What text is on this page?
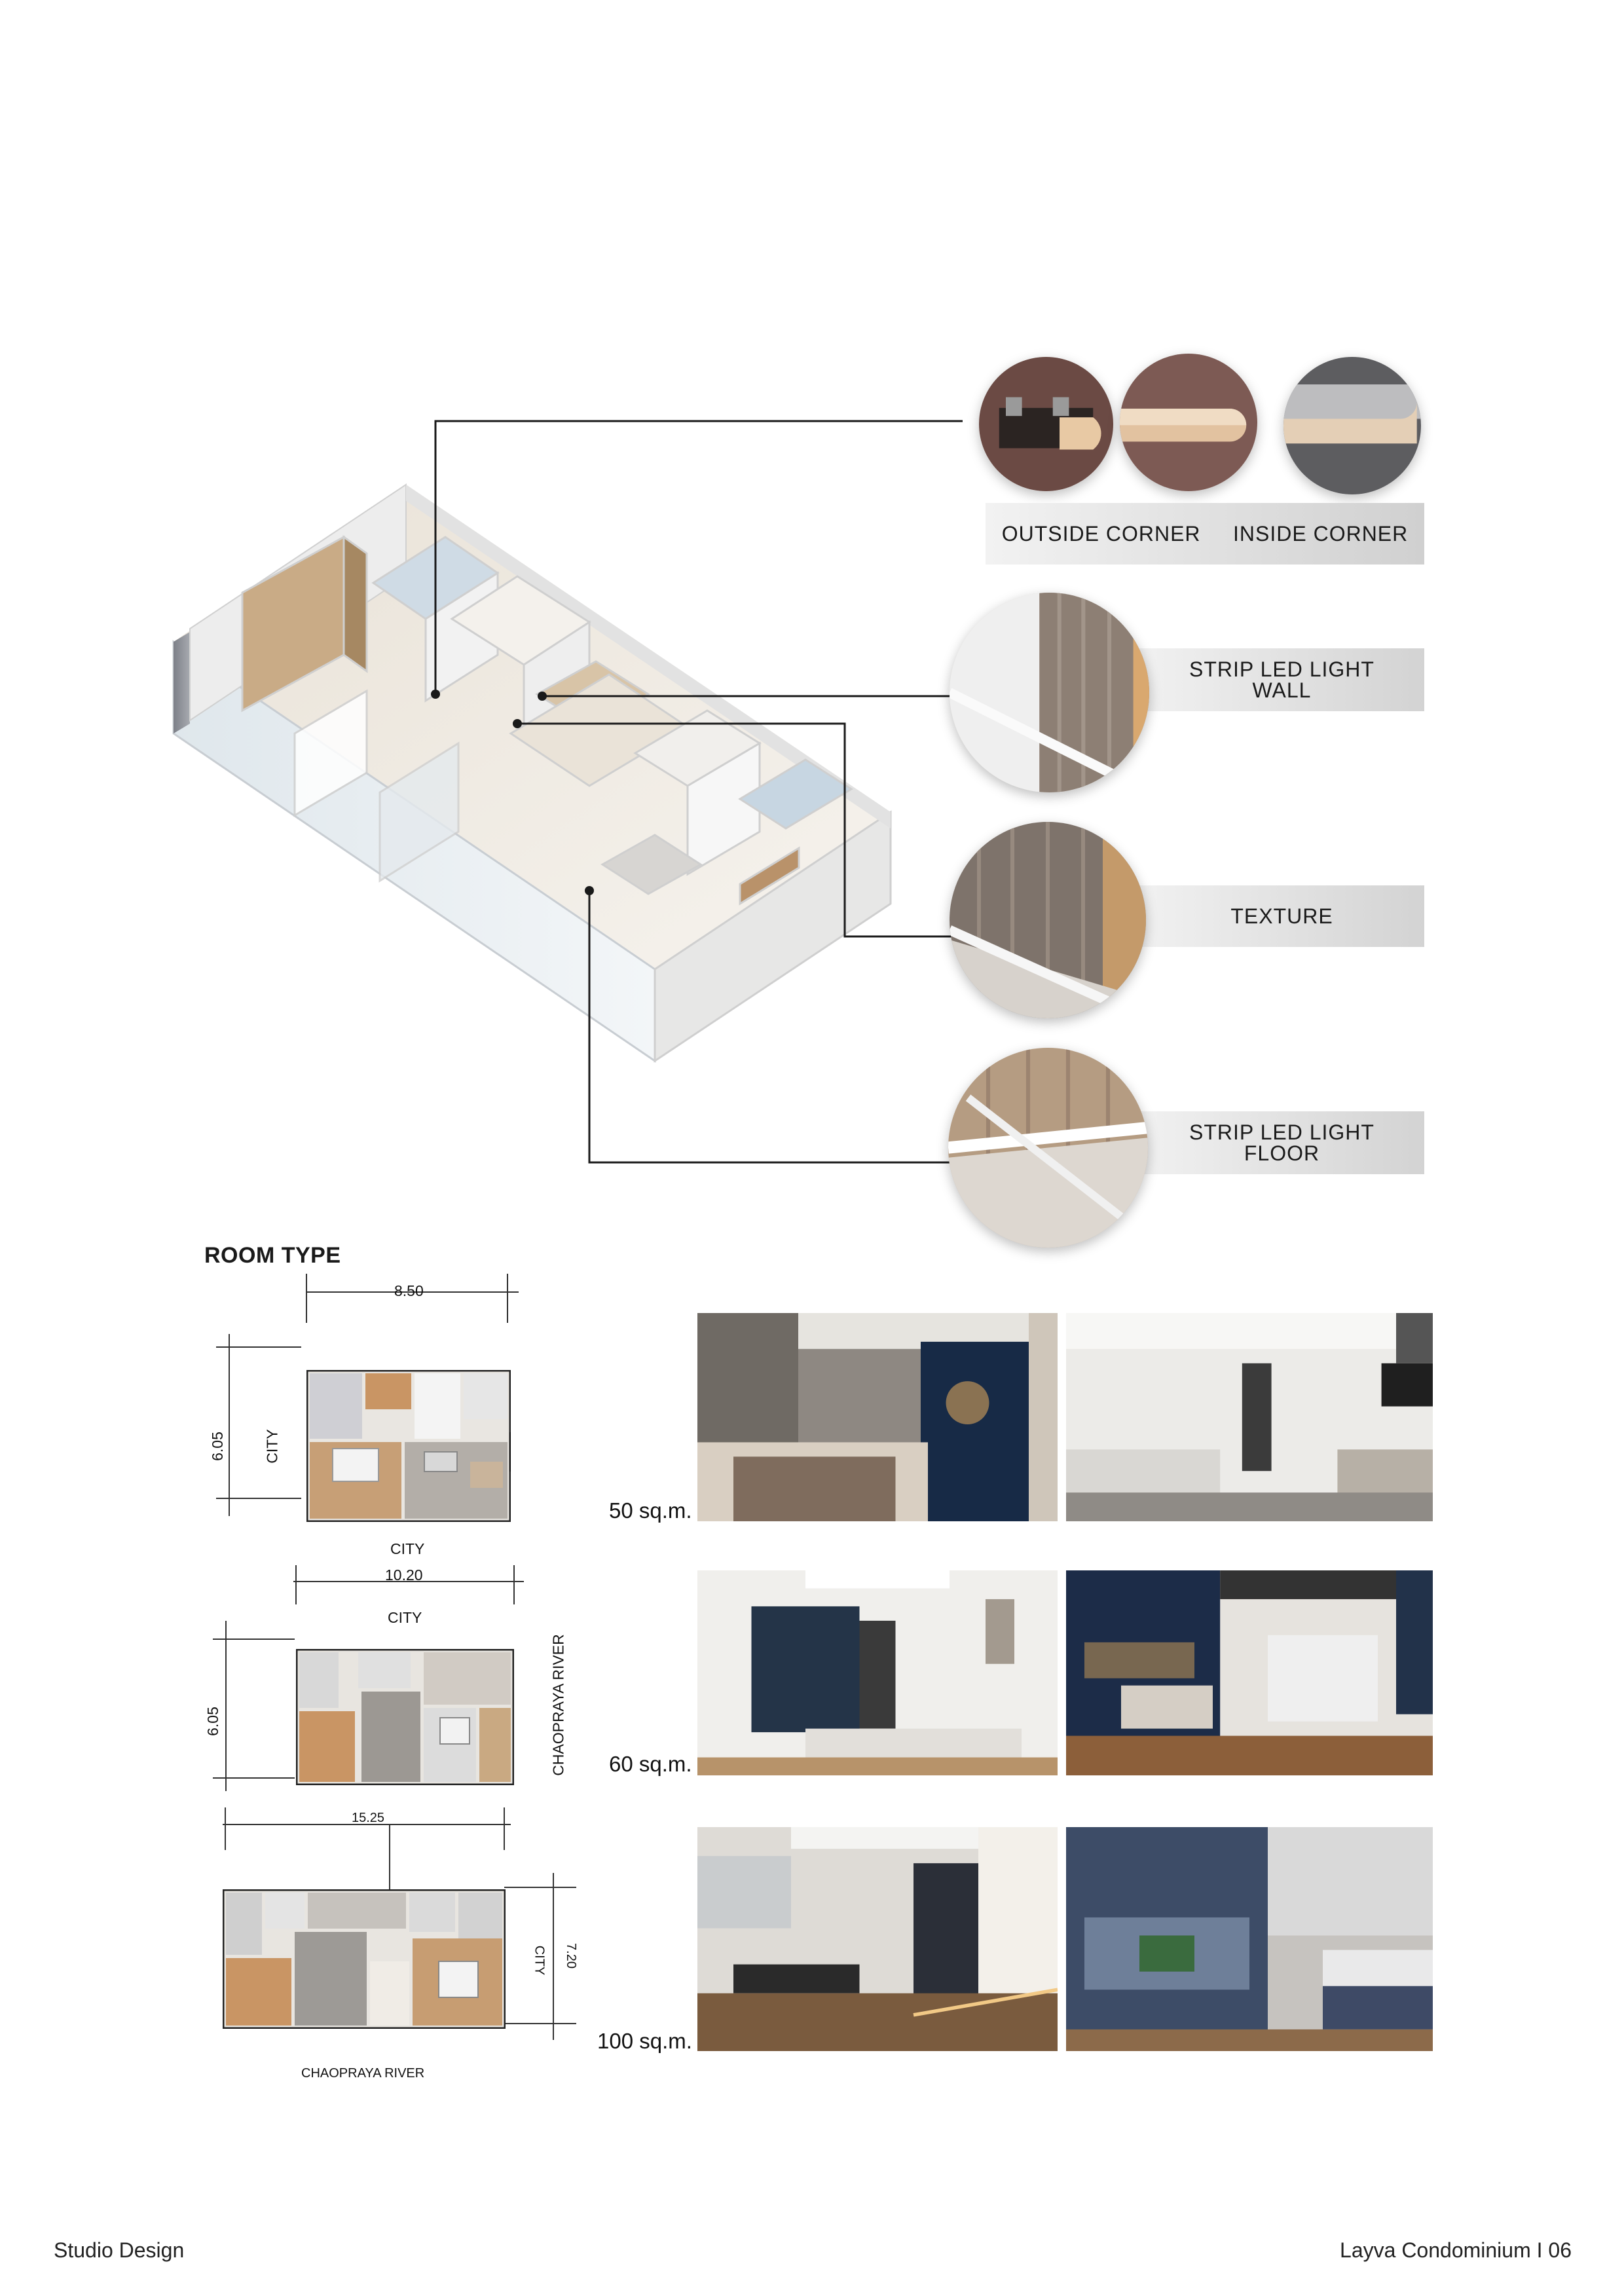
OUTSIDE CORNER INSIDE CORNER
STRIP LED LIGHT
WALL
TEXTURE
STRIP LED LIGHT
FLOOR
ROOM TYPE
8.50
6.05	CITY
CITY
10.20
CITY
6.05	CHAOPRAYA RIVER
15.25
7.20
CITY
CHAOPRAYA RIVER
50 sq.m.
60 sq.m.
100 sq.m.
Studio Design	Layva Condominium I 06
